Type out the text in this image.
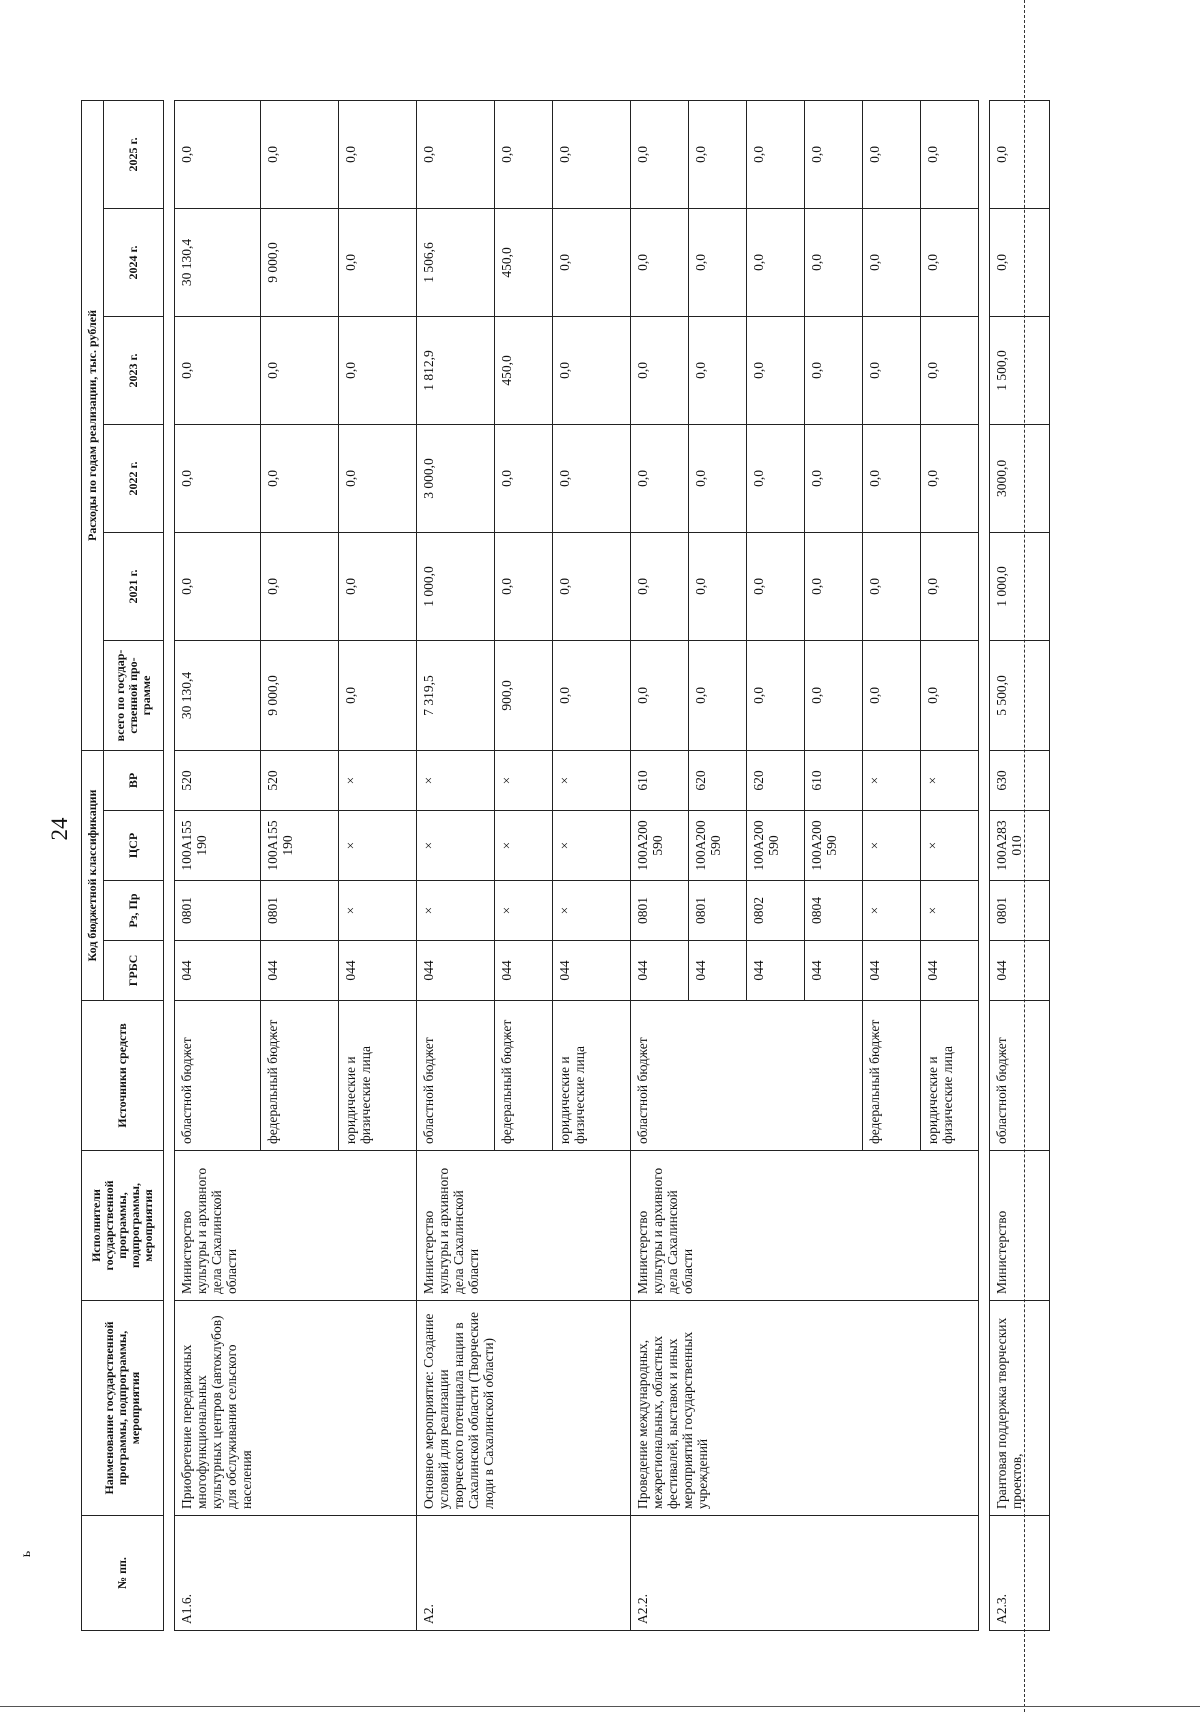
24
ь
№ пп.	Наименование государственной программы, подпрограммы, мероприятия	Исполнители государственной программы, подпрограммы, мероприятия	Источники средств	Код бюджетной классификации				Расходы по годам реализации, тыс. рублей					
				ГРБС	Рз, Пр	ЦСР	ВР	всего по государ-ственной про-грамме	2021 г.	2022 г.	2023 г.	2024 г.	2025 г.

А1.6.	Приобретение передвижных многофункциональных культурных центров (автоклубов) для обслуживания сельского населения	Министерство культуры и архивного дела Сахалинской области	областной бюджет	044	0801	100А155 190	520	30 130,4	0,0	0,0	0,0	30 130,4	0,0
			федеральный бюджет	044	0801	100А155 190	520	9 000,0	0,0	0,0	0,0	9 000,0	0,0
			юридические и физические лица	044	×	×	×	0,0	0,0	0,0	0,0	0,0	0,0
А2.	Основное мероприятие: Создание условий для реализации творческого потенциала нации в Сахалинской области (Творческие люди в Сахалинской области)	Министерство культуры и архивного дела Сахалинской области	областной бюджет	044	×	×	×	7 319,5	1 000,0	3 000,0	1 812,9	1 506,6	0,0
			федеральный бюджет	044	×	×	×	900,0	0,0	0,0	450,0	450,0	0,0
			юридические и физические лица	044	×	×	×	0,0	0,0	0,0	0,0	0,0	0,0
А2.2.	Проведение международных, межрегиональных, областных фестивалей, выставок и иных мероприятий государственных учреждений	Министерство культуры и архивного дела Сахалинской области	областной бюджет	044	0801	100А200 590	610	0,0	0,0	0,0	0,0	0,0	0,0
				044	0801	100А200 590	620	0,0	0,0	0,0	0,0	0,0	0,0
				044	0802	100А200 590	620	0,0	0,0	0,0	0,0	0,0	0,0
				044	0804	100А200 590	610	0,0	0,0	0,0	0,0	0,0	0,0
			федеральный бюджет	044	×	×	×	0,0	0,0	0,0	0,0	0,0	0,0
			юридические и физические лица	044	×	×	×	0,0	0,0	0,0	0,0	0,0	0,0

А2.3.	Грантовая поддержка творческих проектов,	Министерство	областной бюджет	044	0801	100А283 010	630	5 500,0	1 000,0	3000,0	1 500,0	0,0	0,0
